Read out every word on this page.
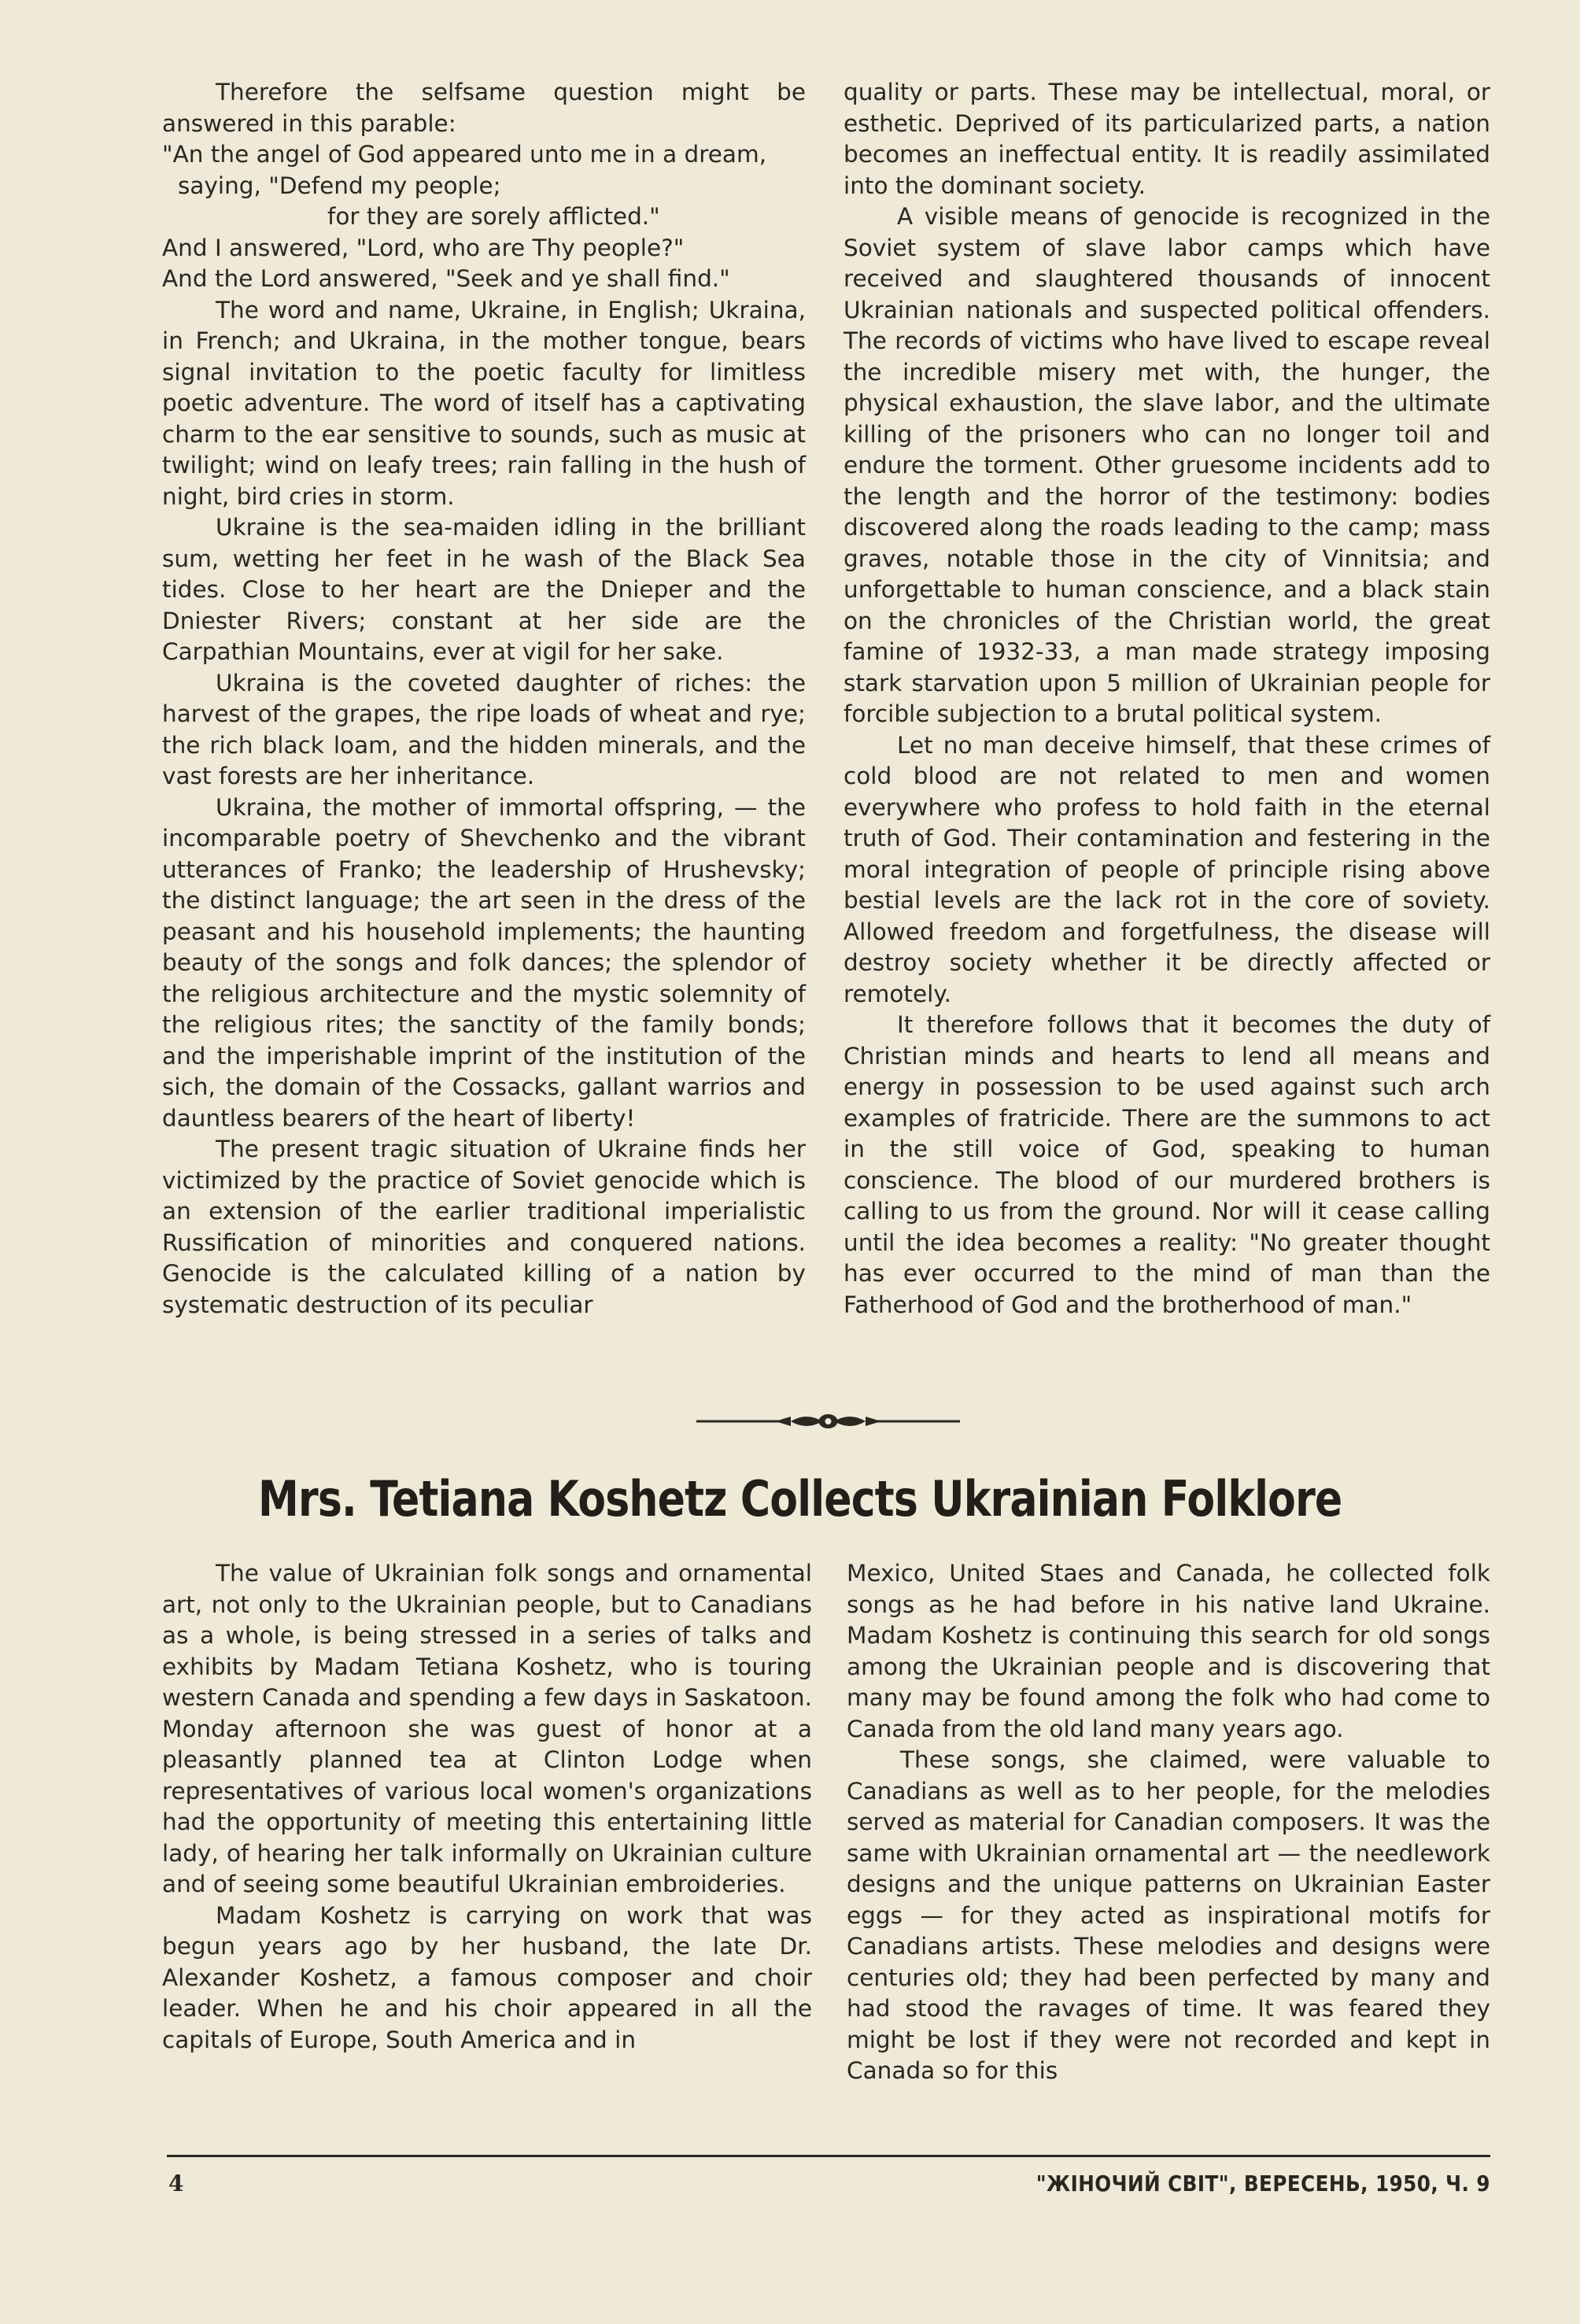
Therefore the selfsame question might be answered in this parable:

"An the angel of God appeared unto me in a dream,

saying, "Defend my people;

for they are sorely afflicted."

And I answered, "Lord, who are Thy people?"

And the Lord answered, "Seek and ye shall find."

The word and name, Ukraine, in English; Ukraina, in French; and Ukraina, in the mother tongue, bears signal invitation to the poetic faculty for limitless poetic adventure. The word of itself has a captivating charm to the ear sensitive to sounds, such as music at twilight; wind on leafy trees; rain falling in the hush of night, bird cries in storm.

Ukraine is the sea-maiden idling in the brilliant sum, wetting her feet in he wash of the Black Sea tides. Close to her heart are the Dnieper and the Dniester Rivers; constant at her side are the Carpathian Mountains, ever at vigil for her sake.

Ukraina is the coveted daughter of riches: the harvest of the grapes, the ripe loads of wheat and rye; the rich black loam, and the hidden minerals, and the vast forests are her inheritance.

Ukraina, the mother of immortal offspring, — the incomparable poetry of Shevchenko and the vibrant utterances of Franko; the leadership of Hrushevsky; the distinct language; the art seen in the dress of the peasant and his household implements; the haunting beauty of the songs and folk dances; the splendor of the religious architecture and the mystic solemnity of the religious rites; the sanctity of the family bonds; and the imperishable imprint of the institution of the sich, the domain of the Cossacks, gallant warrios and dauntless bearers of the heart of liberty!

The present tragic situation of Ukraine finds her victimized by the practice of Soviet genocide which is an extension of the earlier traditional imperialistic Russification of minorities and conquered nations. Genocide is the calculated killing of a nation by systematic destruction of its peculiar

quality or parts. These may be intellectual, moral, or esthetic. Deprived of its particularized parts, a nation becomes an ineffectual entity. It is readily assimilated into the dominant society.

A visible means of genocide is recognized in the Soviet system of slave labor camps which have received and slaughtered thousands of innocent Ukrainian nationals and suspected political offenders. The records of victims who have lived to escape reveal the incredible misery met with, the hunger, the physical exhaustion, the slave labor, and the ultimate killing of the prisoners who can no longer toil and endure the torment. Other gruesome incidents add to the length and the horror of the testimony: bodies discovered along the roads leading to the camp; mass graves, notable those in the city of Vinnitsia; and unforgettable to human conscience, and a black stain on the chronicles of the Christian world, the great famine of 1932-33, a man made strategy imposing stark starvation upon 5 million of Ukrainian people for forcible subjection to a brutal political system.

Let no man deceive himself, that these crimes of cold blood are not related to men and women everywhere who profess to hold faith in the eternal truth of God. Their contamination and festering in the moral integration of people of principle rising above bestial levels are the lack rot in the core of soviety. Allowed freedom and forgetfulness, the disease will destroy society whether it be directly affected or remotely.

It therefore follows that it becomes the duty of Christian minds and hearts to lend all means and energy in possession to be used against such arch examples of fratricide. There are the summons to act in the still voice of God, speaking to human conscience. The blood of our murdered brothers is calling to us from the ground. Nor will it cease calling until the idea becomes a reality: "No greater thought has ever occurred to the mind of man than the Fatherhood of God and the brotherhood of man."

Mrs. Tetiana Koshetz Collects Ukrainian Folklore

The value of Ukrainian folk songs and ornamental art, not only to the Ukrainian people, but to Canadians as a whole, is being stressed in a series of talks and exhibits by Madam Tetiana Koshetz, who is touring western Canada and spending a few days in Saskatoon. Monday afternoon she was guest of honor at a pleasantly planned tea at Clinton Lodge when representatives of various local women's organizations had the opportunity of meeting this entertaining little lady, of hearing her talk informally on Ukrainian culture and of seeing some beautiful Ukrainian embroideries.

Madam Koshetz is carrying on work that was begun years ago by her husband, the late Dr. Alexander Koshetz, a famous composer and choir leader. When he and his choir appeared in all the capitals of Europe, South America and in

Mexico, United Staes and Canada, he collected folk songs as he had before in his native land Ukraine. Madam Koshetz is continuing this search for old songs among the Ukrainian people and is discovering that many may be found among the folk who had come to Canada from the old land many years ago.

These songs, she claimed, were valuable to Canadians as well as to her people, for the melodies served as material for Canadian composers. It was the same with Ukrainian ornamental art — the needlework designs and the unique patterns on Ukrainian Easter eggs — for they acted as inspirational motifs for Canadians artists. These melodies and designs were centuries old; they had been perfected by many and had stood the ravages of time. It was feared they might be lost if they were not recorded and kept in Canada so for this

4	"ЖІНОЧИЙ СВІТ", ВЕРЕСЕНЬ, 1950, Ч. 9
